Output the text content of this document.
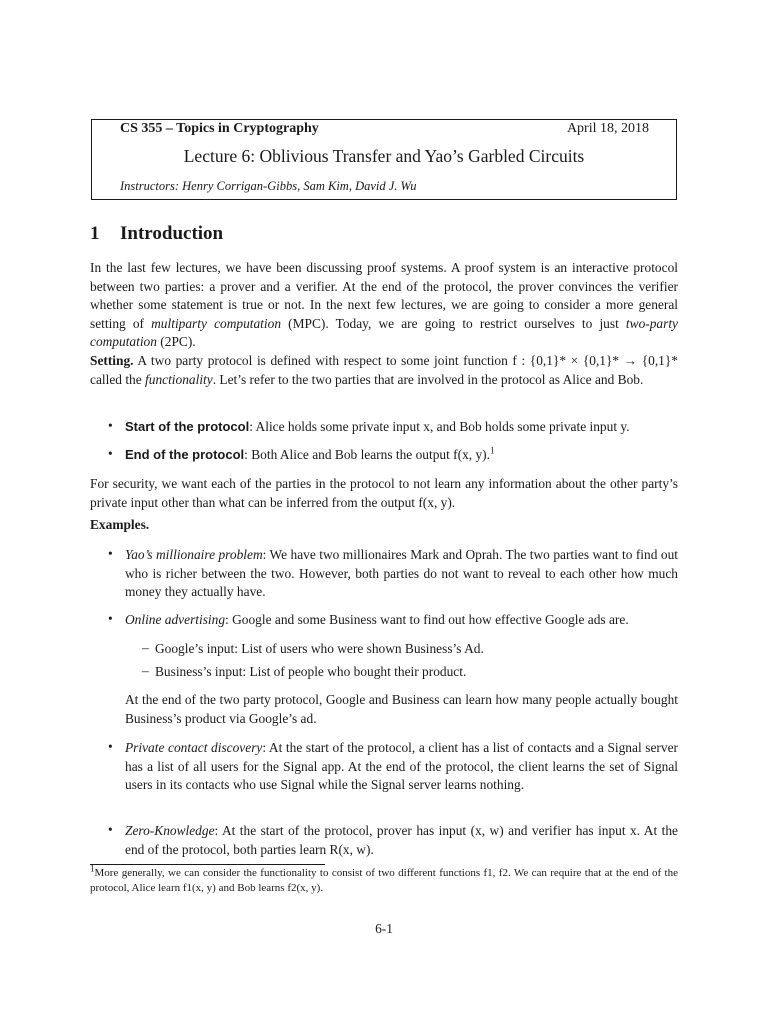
CS 355 – Topics in Cryptography	April 18, 2018
Lecture 6: Oblivious Transfer and Yao’s Garbled Circuits
Instructors: Henry Corrigan-Gibbs, Sam Kim, David J. Wu
1 Introduction

In the last few lectures, we have been discussing proof systems. A proof system is an interactive protocol between two parties: a prover and a verifier. At the end of the protocol, the prover convinces the verifier whether some statement is true or not. In the next few lectures, we are going to consider a more general setting of multiparty computation (MPC). Today, we are going to restrict ourselves to just two-party computation (2PC).

Setting. A two party protocol is defined with respect to some joint function f : {0,1}* × {0,1}* → {0,1}* called the functionality. Let’s refer to the two parties that are involved in the protocol as Alice and Bob.

• Start of the protocol: Alice holds some private input x, and Bob holds some private input y.

• End of the protocol: Both Alice and Bob learns the output f(x, y).$^1$

For security, we want each of the parties in the protocol to not learn any information about the other party’s private input other than what can be inferred from the output f(x, y).

Examples.

• Yao’s millionaire problem: We have two millionaires Mark and Oprah. The two parties want to find out who is richer between the two. However, both parties do not want to reveal to each other how much money they actually have.

• Online advertising: Google and some Business want to find out how effective Google ads are.

– Google’s input: List of users who were shown Business’s Ad.

– Business’s input: List of people who bought their product.

At the end of the two party protocol, Google and Business can learn how many people actually bought Business’s product via Google’s ad.

• Private contact discovery: At the start of the protocol, a client has a list of contacts and a Signal server has a list of all users for the Signal app. At the end of the protocol, the client learns the set of Signal users in its contacts who use Signal while the Signal server learns nothing.

• Zero-Knowledge: At the start of the protocol, prover has input (x, w) and verifier has input x. At the end of the protocol, both parties learn R(x, w).

$^1$More generally, we can consider the functionality to consist of two different functions f1, f2. We can require that at the end of the protocol, Alice learn f1(x, y) and Bob learns f2(x, y).

6-1
